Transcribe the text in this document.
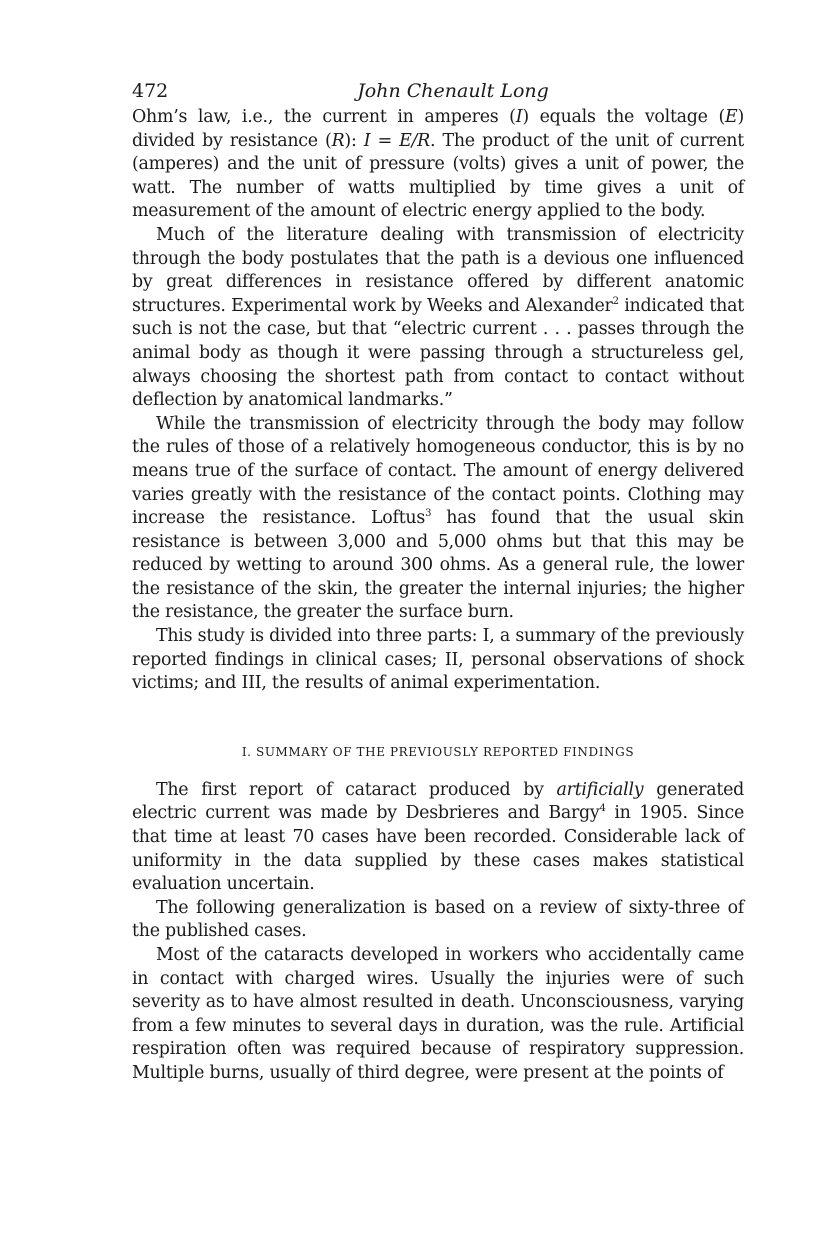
472	John Chenault Long

Ohm’s law, i.e., the current in amperes (I) equals the voltage (E) divided by resistance (R): I = E/R. The product of the unit of current (amperes) and the unit of pressure (volts) gives a unit of power, the watt. The number of watts multiplied by time gives a unit of measurement of the amount of electric energy applied to the body.

Much of the literature dealing with transmission of electricity through the body postulates that the path is a devious one influenced by great differences in resistance offered by different anatomic structures. Experimental work by Weeks and Alexander$^2$ indicated that such is not the case, but that “electric current . . . passes through the animal body as though it were passing through a structureless gel, always choosing the shortest path from contact to contact without deflection by anatomical landmarks.”

While the transmission of electricity through the body may follow the rules of those of a relatively homogeneous conductor, this is by no means true of the surface of contact. The amount of energy delivered varies greatly with the resistance of the contact points. Clothing may increase the resistance. Loftus$^3$ has found that the usual skin resistance is between 3,000 and 5,000 ohms but that this may be reduced by wetting to around 300 ohms. As a general rule, the lower the resistance of the skin, the greater the internal injuries; the higher the resistance, the greater the surface burn.

This study is divided into three parts: I, a summary of the previously reported findings in clinical cases; II, personal observations of shock victims; and III, the results of animal experimentation.

I. SUMMARY OF THE PREVIOUSLY REPORTED FINDINGS

The first report of cataract produced by artificially generated electric current was made by Desbrieres and Bargy$^4$ in 1905. Since that time at least 70 cases have been recorded. Considerable lack of uniformity in the data supplied by these cases makes statistical evaluation uncertain.

The following generalization is based on a review of sixty-three of the published cases.

Most of the cataracts developed in workers who accidentally came in contact with charged wires. Usually the injuries were of such severity as to have almost resulted in death. Unconsciousness, varying from a few minutes to several days in duration, was the rule. Artificial respiration often was required because of respiratory suppression. Multiple burns, usually of third degree, were present at the points of
